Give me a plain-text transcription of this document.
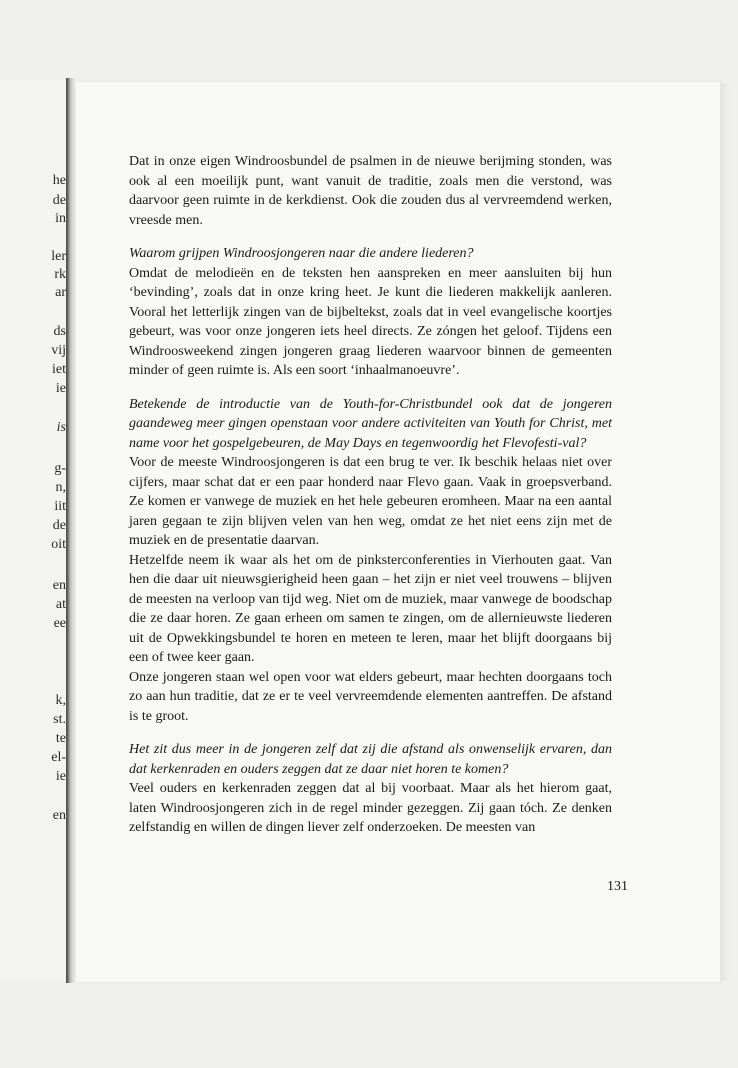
he
de
in
ler
rk
ar
ds
vij
iet
ie
is
g-
n,
iit
de
oit
en
at
ee
k,
st.
te
el-
ie
en

Dat in onze eigen Windroosbundel de psalmen in de nieuwe berijming stonden, was ook al een moeilijk punt, want vanuit de traditie, zoals men die verstond, was daarvoor geen ruimte in de kerkdienst. Ook die zouden dus al vervreemdend werken, vreesde men.

Waarom grijpen Windroosjongeren naar die andere liederen?

Omdat de melodieën en de teksten hen aanspreken en meer aansluiten bij hun ‘bevinding’, zoals dat in onze kring heet. Je kunt die liederen makkelijk aanleren. Vooral het letterlijk zingen van de bijbeltekst, zoals dat in veel evangelische koortjes gebeurt, was voor onze jongeren iets heel directs. Ze zóngen het geloof. Tijdens een Windroosweekend zingen jongeren graag liederen waarvoor binnen de gemeenten minder of geen ruimte is. Als een soort ‘inhaalmanoeuvre’.

Betekende de introductie van de Youth-for-Christbundel ook dat de jongeren gaandeweg meer gingen openstaan voor andere activiteiten van Youth for Christ, met name voor het gospelgebeuren, de May Days en tegenwoordig het Flevofesti-val?

Voor de meeste Windroosjongeren is dat een brug te ver. Ik beschik helaas niet over cijfers, maar schat dat er een paar honderd naar Flevo gaan. Vaak in groepsverband. Ze komen er vanwege de muziek en het hele gebeuren eromheen. Maar na een aantal jaren gegaan te zijn blijven velen van hen weg, omdat ze het niet eens zijn met de muziek en de presentatie daarvan.

Hetzelfde neem ik waar als het om de pinksterconferenties in Vierhouten gaat. Van hen die daar uit nieuwsgierigheid heen gaan – het zijn er niet veel trouwens – blijven de meesten na verloop van tijd weg. Niet om de muziek, maar vanwege de boodschap die ze daar horen. Ze gaan erheen om samen te zingen, om de allernieuwste liederen uit de Opwekkingsbundel te horen en meteen te leren, maar het blijft doorgaans bij een of twee keer gaan.

Onze jongeren staan wel open voor wat elders gebeurt, maar hechten doorgaans toch zo aan hun traditie, dat ze er te veel vervreemdende elementen aantreffen. De afstand is te groot.

Het zit dus meer in de jongeren zelf dat zij die afstand als onwenselijk ervaren, dan dat kerkenraden en ouders zeggen dat ze daar niet horen te komen?

Veel ouders en kerkenraden zeggen dat al bij voorbaat. Maar als het hierom gaat, laten Windroosjongeren zich in de regel minder gezeggen. Zij gaan tóch. Ze denken zelfstandig en willen de dingen liever zelf onderzoeken. De meesten van

131
